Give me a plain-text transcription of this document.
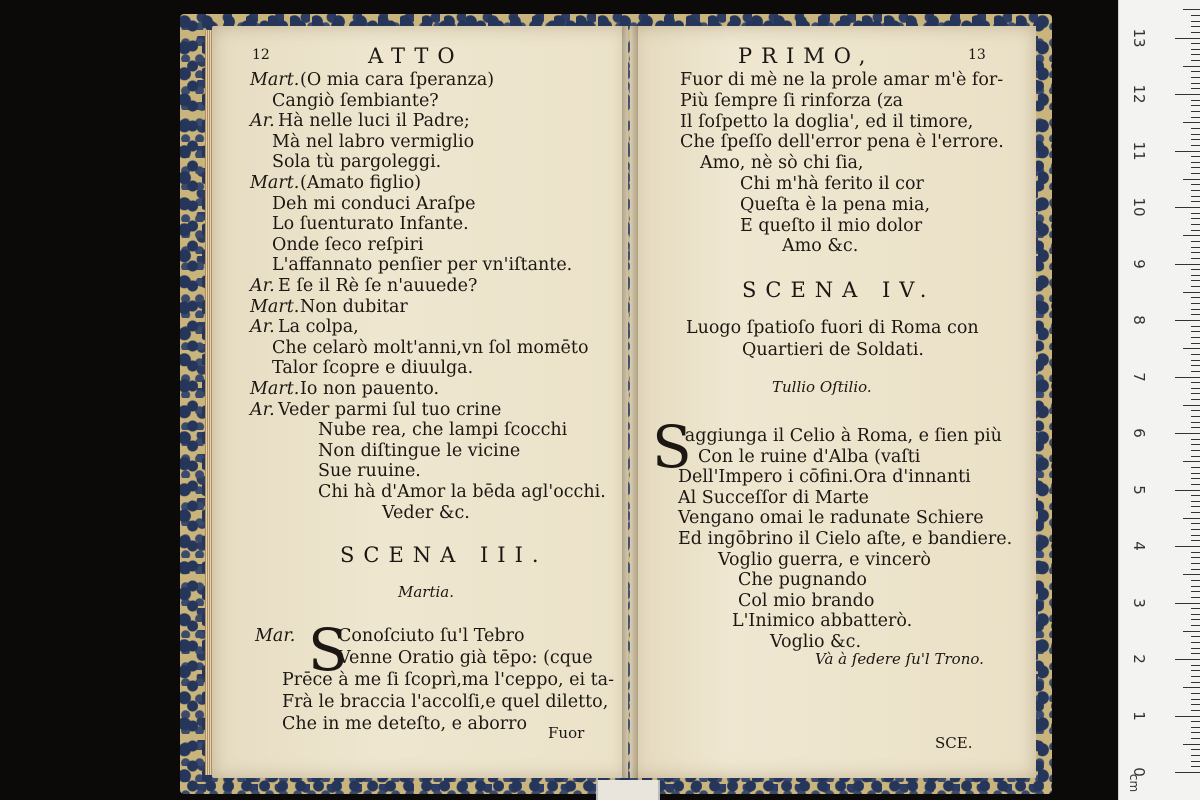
12	ATTO
Mart. (O mia cara ſperanza)
Cangiò ſembiante?
Ar. Hà nelle luci il Padre;
Mà nel labro vermiglio
Sola tù pargoleggi.
Mart. (Amato figlio)
Deh mi conduci Araſpe
Lo ſuenturato Infante.
Onde ſeco reſpiri
L'affannato penſier per vn'iſtante.
Ar. E ſe il Rè ſe n'auuede?
Mart. Non dubitar
Ar. La colpa,
Che celarò molt'anni,vn ſol momēto
Talor ſcopre e diuulga.
Mart. Io non pauento.
Ar. Veder parmi ſul tuo crine
Nube rea, che lampi ſcocchi
Non diſtingue le vicine
Sue ruuine.
Chi hà d'Amor la bēda agl'occhi.
Veder &c.
SCENA III.
Martia.
Mar. S
Conoſciuto ſu'l Tebro
Venne Oratio già tēpo: (cque
Prēce à me ſi ſcoprì,ma l'ceppo, ei ta-
Frà le braccia l'accolſi,e quel diletto,
Che in me deteſto, e aborro Fuor
PRIMO,	13
Fuor di mè ne la prole amar m'è for-
Più ſempre ſi rinforza (za
Il ſoſpetto la doglia', ed il timore,
Che ſpeſſo dell'error pena è l'errore.
Amo, nè sò chi ſia,
Chi m'hà ferito il cor
Queſta è la pena mia,
E queſto il mio dolor
Amo &c.
SCENA IV.
Luogo ſpatioſo fuori di Roma con
Quartieri de Soldati.
Tullio Oſtilio.
S
'aggiunga il Celio à Roma, e ſien più
Con le ruine d'Alba (vaſti
Dell'Impero i cōfini.Ora d'innanti
Al Succeſſor di Marte
Vengano omai le radunate Schiere
Ed ingōbrino il Cielo aſte, e bandiere.
Voglio guerra, e vincerò
Che pugnando
Col mio brando
L'Inimico abbatterò.
Voglio &c.
Và à ſedere ſu'l Trono.
SCE.
0
1
2
3
4
5
6
7
8
9
10
11
12
13
cm
